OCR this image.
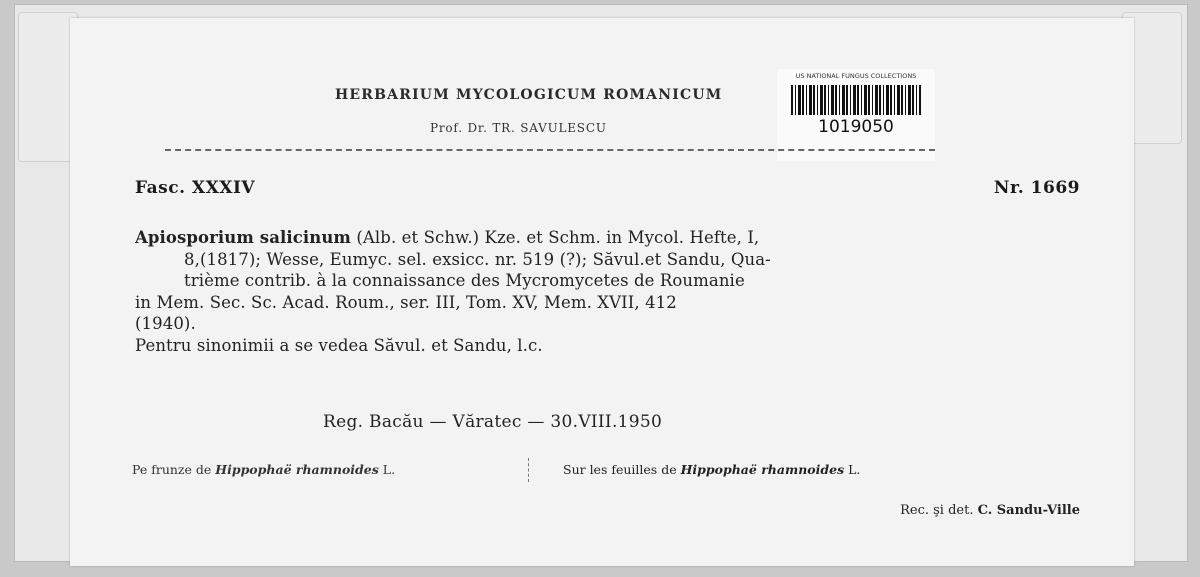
HERBARIUM MYCOLOGICUM ROMANICUM
Prof. Dr. TR. SAVULESCU
US NATIONAL FUNGUS COLLECTIONS
1019050
Fasc. XXXIV	Nr. 1669
Apiosporium salicinum (Alb. et Schw.) Kze. et Schm. in Mycol. Hefte, I,
8,(1817); Wesse, Eumyc. sel. exsicc. nr. 519 (?); Săvul.et Sandu, Qua-
trième contrib. à la connaissance des Mycromycetes de Roumanie
in Mem. Sec. Sc. Acad. Roum., ser. III, Tom. XV, Mem. XVII, 412
(1940).
Pentru sinonimii a se vedea Săvul. et Sandu, l.c.
Reg. Bacău — Văratec — 30.VIII.1950
Pe frunze de Hippophaë rhamnoides L.	Sur les feuilles de Hippophaë rhamnoides L.
Rec. şi det. C. Sandu-Ville
